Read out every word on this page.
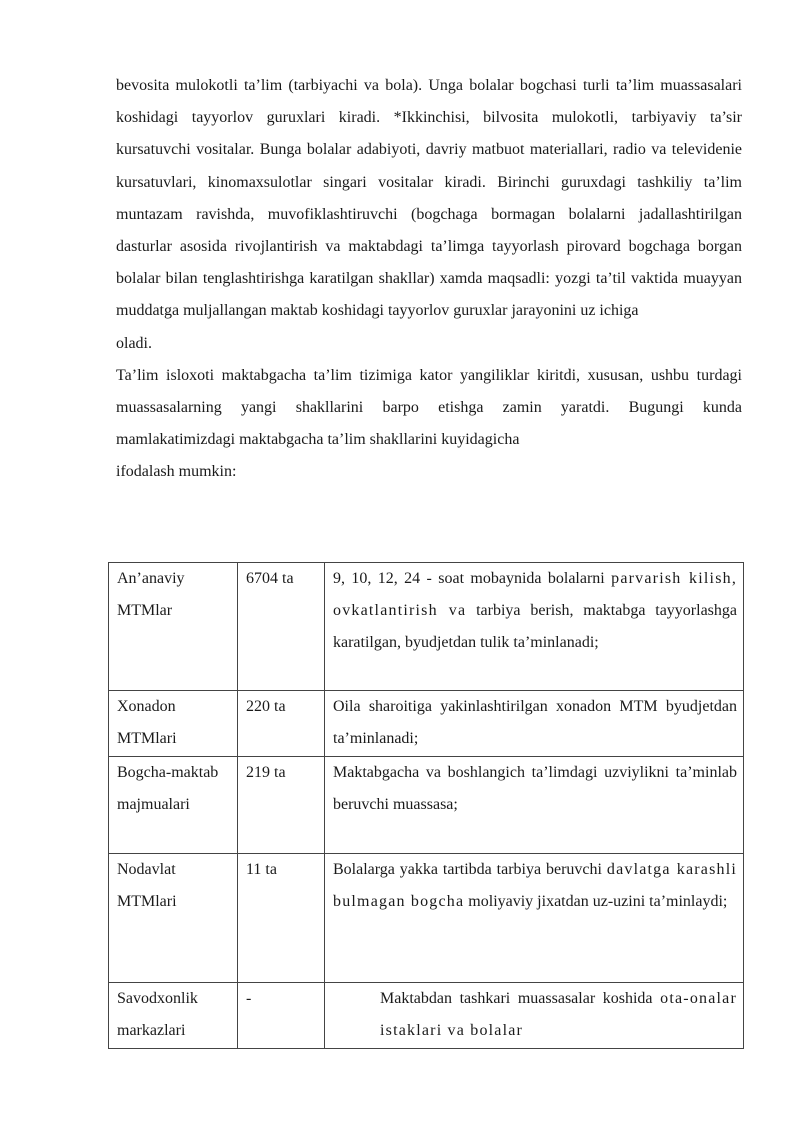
bevosita mulokotli ta’lim (tarbiyachi va bola). Unga bolalar bogchasi turli ta’lim muassasalari koshidagi tayyorlov guruxlari kiradi. *Ikkinchisi, bilvosita mulokotli, tarbiyaviy ta’sir kursatuvchi vositalar. Bunga bolalar adabiyoti, davriy matbuot materiallari, radio va televidenie kursatuvlari, kinomaxsulotlar singari vositalar kiradi. Birinchi guruxdagi tashkiliy ta’lim muntazam ravishda, muvofiklashtiruvchi (bogchaga bormagan bolalarni jadallashtirilgan dasturlar asosida rivojlantirish va maktabdagi ta’limga tayyorlash pirovard bogchaga borgan bolalar bilan tenglashtirishga karatilgan shakllar) xamda maqsadli: yozgi ta’til vaktida muayyan muddatga muljallangan maktab koshidagi tayyorlov guruxlar jarayonini uz ichiga
oladi.

Ta’lim isloxoti maktabgacha ta’lim tizimiga kator yangiliklar kiritdi, xususan, ushbu turdagi muassasalarning yangi shakllarini barpo etishga zamin yaratdi. Bugungi kunda mamlakatimizdagi maktabgacha ta’lim shakllarini kuyidagicha
ifodalash mumkin:

An’anaviy MTMlar	6704 ta	9, 10, 12, 24 - soat mobaynida bolalarni parvarish kilish, ovkatlantirish va tarbiya berish, maktabga tayyorlashga karatilgan, byudjetdan tulik ta’minlanadi;
Xonadon MTMlari	220 ta	Oila sharoitiga yakinlashtirilgan xonadon MTM byudjetdan ta’minlanadi;
Bogcha-maktab majmualari	219 ta	Maktabgacha va boshlangich ta’limdagi uzviylikni ta’minlab beruvchi muassasa;
Nodavlat MTMlari	11 ta	Bolalarga yakka tartibda tarbiya beruvchi davlatga karashli bulmagan bogcha moliyaviy jixatdan uz-uzini ta’minlaydi;
Savodxonlik markazlari	-	Maktabdan tashkari muassasalar koshida ota-onalar istaklari va bolalar
